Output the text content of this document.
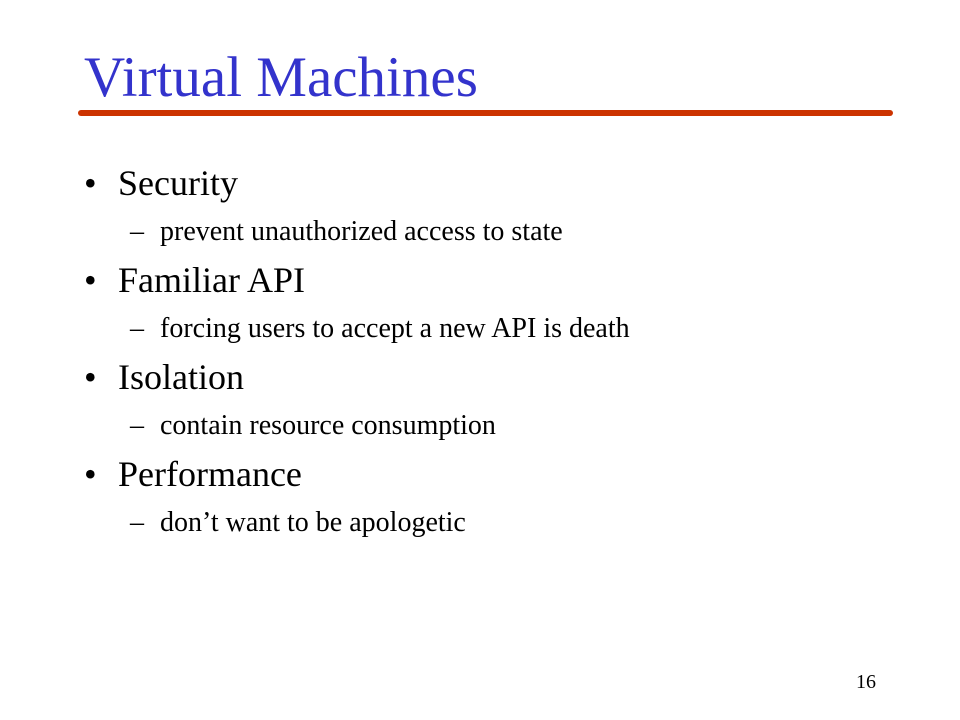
Virtual Machines
• Security
– prevent unauthorized access to state
• Familiar API
– forcing users to accept a new API is death
• Isolation
– contain resource consumption
• Performance
– don’t want to be apologetic
16
